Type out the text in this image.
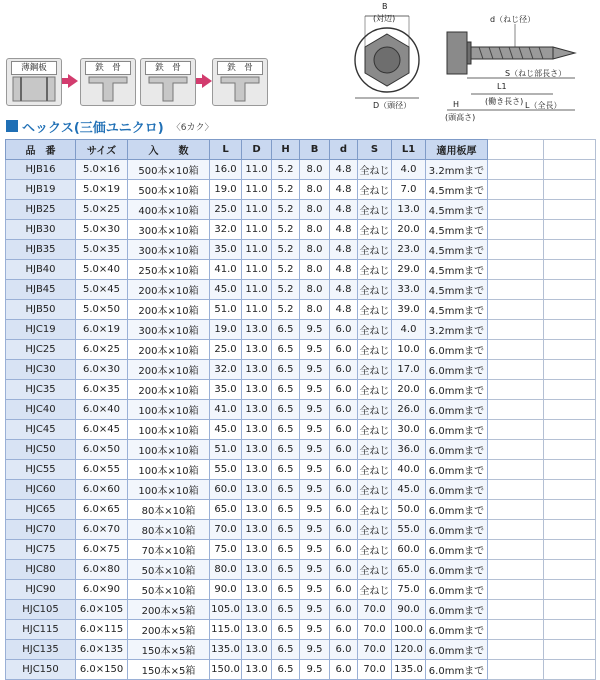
薄鋼板	鉄　骨	鉄　骨	鉄　骨
B
(対辺)
D（頭径）
d（ねじ径）
S（ねじ部長さ）
L1
(働き長さ) L（全長）
H
(頭高さ)
ヘックス(三価ユニクロ) 〈6カク〉
品　番	サイズ	入　　数	L	D	H	B	d	S	L1	適用板厚		
HJB16	5.0×16	500本×10箱	16.0	11.0	5.2	8.0	4.8	全ねじ	4.0	3.2mmまで		
HJB19	5.0×19	500本×10箱	19.0	11.0	5.2	8.0	4.8	全ねじ	7.0	4.5mmまで		
HJB25	5.0×25	400本×10箱	25.0	11.0	5.2	8.0	4.8	全ねじ	13.0	4.5mmまで		
HJB30	5.0×30	300本×10箱	32.0	11.0	5.2	8.0	4.8	全ねじ	20.0	4.5mmまで		
HJB35	5.0×35	300本×10箱	35.0	11.0	5.2	8.0	4.8	全ねじ	23.0	4.5mmまで		
HJB40	5.0×40	250本×10箱	41.0	11.0	5.2	8.0	4.8	全ねじ	29.0	4.5mmまで		
HJB45	5.0×45	200本×10箱	45.0	11.0	5.2	8.0	4.8	全ねじ	33.0	4.5mmまで		
HJB50	5.0×50	200本×10箱	51.0	11.0	5.2	8.0	4.8	全ねじ	39.0	4.5mmまで		
HJC19	6.0×19	300本×10箱	19.0	13.0	6.5	9.5	6.0	全ねじ	4.0	3.2mmまで		
HJC25	6.0×25	200本×10箱	25.0	13.0	6.5	9.5	6.0	全ねじ	10.0	6.0mmまで		
HJC30	6.0×30	200本×10箱	32.0	13.0	6.5	9.5	6.0	全ねじ	17.0	6.0mmまで		
HJC35	6.0×35	200本×10箱	35.0	13.0	6.5	9.5	6.0	全ねじ	20.0	6.0mmまで		
HJC40	6.0×40	100本×10箱	41.0	13.0	6.5	9.5	6.0	全ねじ	26.0	6.0mmまで		
HJC45	6.0×45	100本×10箱	45.0	13.0	6.5	9.5	6.0	全ねじ	30.0	6.0mmまで		
HJC50	6.0×50	100本×10箱	51.0	13.0	6.5	9.5	6.0	全ねじ	36.0	6.0mmまで		
HJC55	6.0×55	100本×10箱	55.0	13.0	6.5	9.5	6.0	全ねじ	40.0	6.0mmまで		
HJC60	6.0×60	100本×10箱	60.0	13.0	6.5	9.5	6.0	全ねじ	45.0	6.0mmまで		
HJC65	6.0×65	80本×10箱	65.0	13.0	6.5	9.5	6.0	全ねじ	50.0	6.0mmまで		
HJC70	6.0×70	80本×10箱	70.0	13.0	6.5	9.5	6.0	全ねじ	55.0	6.0mmまで		
HJC75	6.0×75	70本×10箱	75.0	13.0	6.5	9.5	6.0	全ねじ	60.0	6.0mmまで		
HJC80	6.0×80	50本×10箱	80.0	13.0	6.5	9.5	6.0	全ねじ	65.0	6.0mmまで		
HJC90	6.0×90	50本×10箱	90.0	13.0	6.5	9.5	6.0	全ねじ	75.0	6.0mmまで		
HJC105	6.0×105	200本×5箱	105.0	13.0	6.5	9.5	6.0	70.0	90.0	6.0mmまで		
HJC115	6.0×115	200本×5箱	115.0	13.0	6.5	9.5	6.0	70.0	100.0	6.0mmまで		
HJC135	6.0×135	150本×5箱	135.0	13.0	6.5	9.5	6.0	70.0	120.0	6.0mmまで		
HJC150	6.0×150	150本×5箱	150.0	13.0	6.5	9.5	6.0	70.0	135.0	6.0mmまで		
